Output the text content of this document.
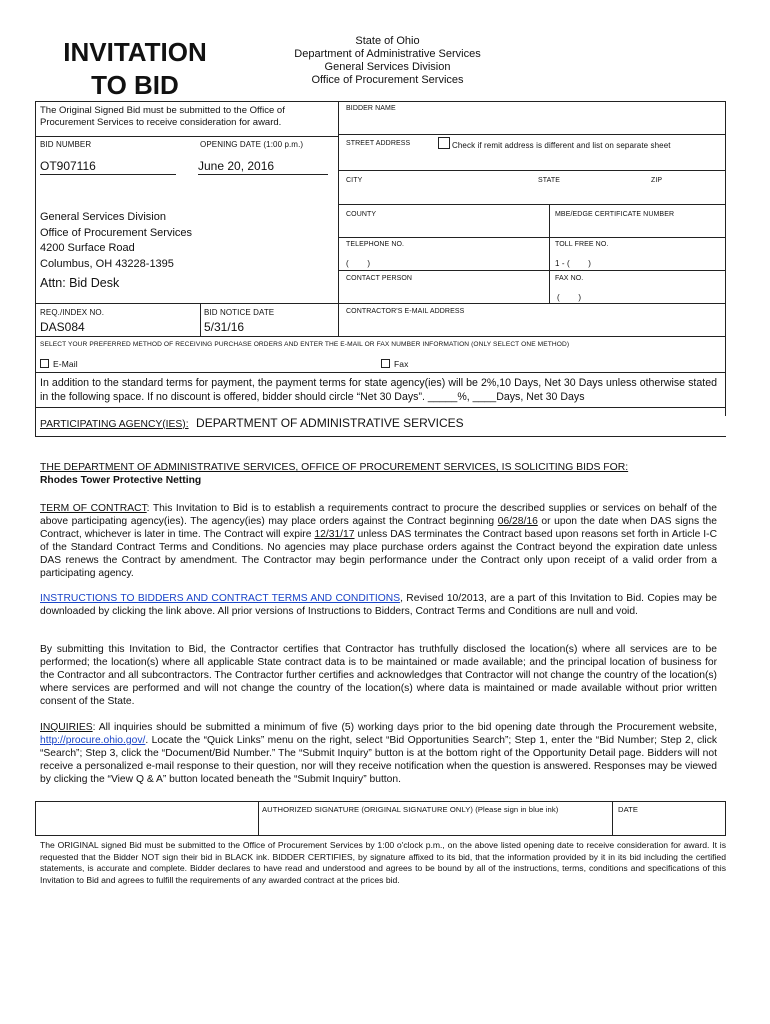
INVITATION
TO BID
State of Ohio
Department of Administrative Services
General Services Division
Office of Procurement Services
The Original Signed Bid must be submitted to the Office of Procurement Services to receive consideration for award.
BID NUMBER
OT907116
OPENING DATE (1:00 p.m.)
June 20, 2016
General Services Division
Office of Procurement Services
4200 Surface Road
Columbus, OH 43228-1395
Attn: Bid Desk
REQ./INDEX NO.
DAS084
BID NOTICE DATE
5/31/16
BIDDER NAME
STREET ADDRESS	Check if remit address is different and list on separate sheet
CITY	STATE	ZIP
COUNTY	MBE/EDGE CERTIFICATE NUMBER
TELEPHONE NO.
(        )
TOLL FREE NO.
1 - (        )
CONTACT PERSON	FAX NO.
(        )
CONTRACTOR'S E-MAIL ADDRESS
SELECT YOUR PREFERRED METHOD OF RECEIVING PURCHASE ORDERS AND ENTER THE E-MAIL OR FAX NUMBER INFORMATION (ONLY SELECT ONE METHOD)
E-Mail	Fax
In addition to the standard terms for payment, the payment terms for state agency(ies) will be 2%,10 Days, Net 30 Days unless otherwise stated in the following space. If no discount is offered, bidder should circle “Net 30 Days”. _____%, ____Days, Net 30 Days
PARTICIPATING AGENCY(IES): DEPARTMENT OF ADMINISTRATIVE SERVICES
THE DEPARTMENT OF ADMINISTRATIVE SERVICES, OFFICE OF PROCUREMENT SERVICES, IS SOLICITING BIDS FOR:
Rhodes Tower Protective Netting
TERM OF CONTRACT: This Invitation to Bid is to establish a requirements contract to procure the described supplies or services on behalf of the above participating agency(ies). The agency(ies) may place orders against the Contract beginning 06/28/16 or upon the date when DAS signs the Contract, whichever is later in time. The Contract will expire 12/31/17 unless DAS terminates the Contract based upon reasons set forth in Article I-C of the Standard Contract Terms and Conditions. No agencies may place purchase orders against the Contract beyond the expiration date unless DAS renews the Contract by amendment. The Contractor may begin performance under the Contract only upon receipt of a valid order from a participating agency.
INSTRUCTIONS TO BIDDERS AND CONTRACT TERMS AND CONDITIONS, Revised 10/2013, are a part of this Invitation to Bid. Copies may be downloaded by clicking the link above. All prior versions of Instructions to Bidders, Contract Terms and Conditions are null and void.
By submitting this Invitation to Bid, the Contractor certifies that Contractor has truthfully disclosed the location(s) where all services are to be performed; the location(s) where all applicable State contract data is to be maintained or made available; and the principal location of business for the Contractor and all subcontractors. The Contractor further certifies and acknowledges that Contractor will not change the country of the location(s) where services are performed and will not change the country of the location(s) where data is maintained or made available without prior written consent of the State.
INQUIRIES: All inquiries should be submitted a minimum of five (5) working days prior to the bid opening date through the Procurement website, http://procure.ohio.gov/. Locate the “Quick Links” menu on the right, select “Bid Opportunities Search”; Step 1, enter the “Bid Number; Step 2, click “Search”; Step 3, click the “Document/Bid Number.” The “Submit Inquiry” button is at the bottom right of the Opportunity Detail page. Bidders will not receive a personalized e-mail response to their question, nor will they receive notification when the question is answered. Responses may be viewed by clicking the “View Q & A” button located beneath the “Submit Inquiry” button.
AUTHORIZED SIGNATURE (ORIGINAL SIGNATURE ONLY) (Please sign in blue ink)	DATE
The ORIGINAL signed Bid must be submitted to the Office of Procurement Services by 1:00 o'clock p.m., on the above listed opening date to receive consideration for award. It is requested that the Bidder NOT sign their bid in BLACK ink. BIDDER CERTIFIES, by signature affixed to its bid, that the information provided by it in its bid including the certified statements, is accurate and complete. Bidder declares to have read and understood and agrees to be bound by all of the instructions, terms, conditions and specifications of this Invitation to Bid and agrees to fulfill the requirements of any awarded contract at the prices bid.
